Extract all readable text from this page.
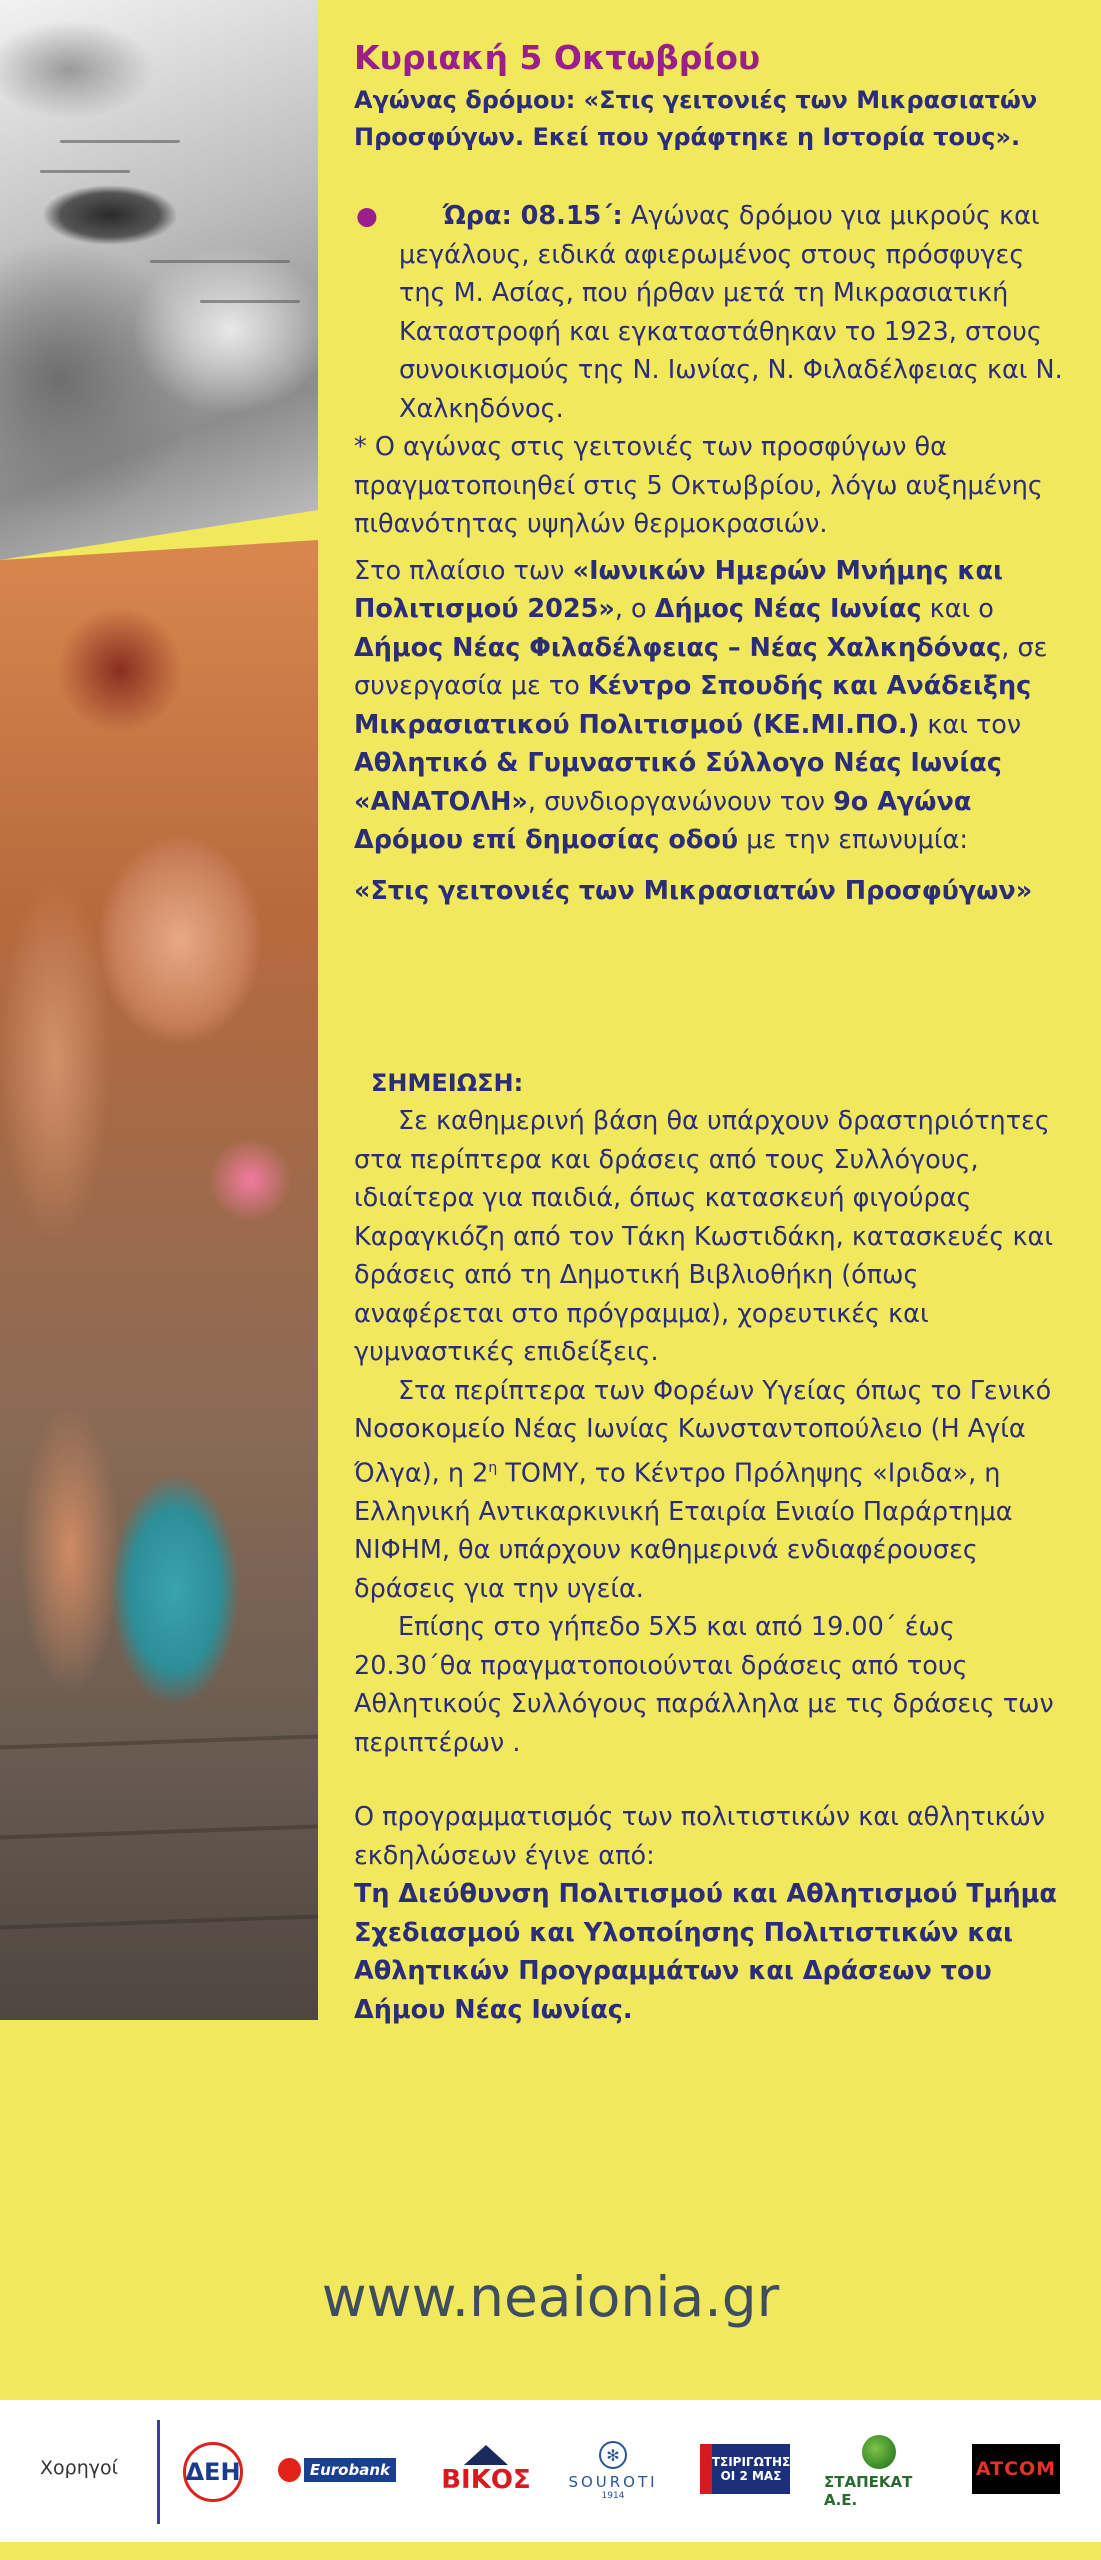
Κυριακή 5 Οκτωβρίου

Αγώνας δρόμου: «Στις γειτονιές των Μικρασιατών Προσφύγων. Εκεί που γράφτηκε η Ιστορία τους».

●	Ώρα: 08.15΄: Αγώνας δρόμου για μικρούς και μεγάλους, ειδικά αφιερωμένος στους πρόσφυγες της Μ. Ασίας, που ήρθαν μετά τη Μικρασιατική Καταστροφή και εγκαταστάθηκαν το 1923, στους συνοικισμούς της Ν. Ιωνίας, Ν. Φιλαδέλφειας και Ν. Χαλκηδόνος.

* Ο αγώνας στις γειτονιές των προσφύγων θα πραγματοποιηθεί στις 5 Οκτωβρίου, λόγω αυξημένης πιθανότητας υψηλών θερμοκρασιών.

Στο πλαίσιο των «Ιωνικών Ημερών Μνήμης και Πολιτισμού 2025», ο Δήμος Νέας Ιωνίας και ο Δήμος Νέας Φιλαδέλφειας – Νέας Χαλκηδόνας, σε συνεργασία με το Κέντρο Σπουδής και Ανάδειξης Μικρασιατικού Πολιτισμού (ΚΕ.ΜΙ.ΠΟ.) και τον Αθλητικό & Γυμναστικό Σύλλογο Νέας Ιωνίας «ΑΝΑΤΟΛΗ», συνδιοργανώνουν τον 9ο Αγώνα Δρόμου επί δημοσίας οδού με την επωνυμία:

«Στις γειτονιές των Μικρασιατών Προσφύγων»

ΣΗΜΕΙΩΣΗ:

Σε καθημερινή βάση θα υπάρχουν δραστηριότητες στα περίπτερα και δράσεις από τους Συλλόγους, ιδιαίτερα για παιδιά, όπως κατασκευή φιγούρας Καραγκιόζη από τον Τάκη Κωστιδάκη, κατασκευές και δράσεις από τη Δημοτική Βιβλιοθήκη (όπως αναφέρεται στο πρόγραμμα), χορευτικές και γυμναστικές επιδείξεις.

Στα περίπτερα των Φορέων Υγείας όπως το Γενικό Νοσοκομείο Νέας Ιωνίας Κωνσταντοπούλειο (Η Αγία Όλγα), η $2^\eta$ ΤΟΜΥ, το Κέντρο Πρόληψης «Ιριδα», η Ελληνική Αντικαρκινική Εταιρία Ενιαίο Παράρτημα ΝΙΦΗΜ, θα υπάρχουν καθημερινά ενδιαφέρουσες δράσεις για την υγεία.

Επίσης στο γήπεδο 5Χ5 και από 19.00΄ έως 20.30΄θα πραγματοποιούνται δράσεις από τους Αθλητικούς Συλλόγους παράλληλα με τις δράσεις των περιπτέρων .

Ο προγραμματισμός των πολιτιστικών και αθλητικών εκδηλώσεων έγινε από:

Τη Διεύθυνση Πολιτισμού και Αθλητισμού Τμήμα Σχεδιασμού και Υλοποίησης Πολιτιστικών και Αθλητικών Προγραμμάτων και Δράσεων του Δήμου Νέας Ιωνίας.

www.neaionia.gr
Χορηγοί	ΔΕΗ	Eurobank ΒΙΚΟΣ
✻
SOUROTI
1914
ΤΣΙΡΙΓΩΤΗΣ ΟΙ 2 ΜΑΣ	ΣΤΑΠΕΚΑΤ Α.Ε.
ATCOM
